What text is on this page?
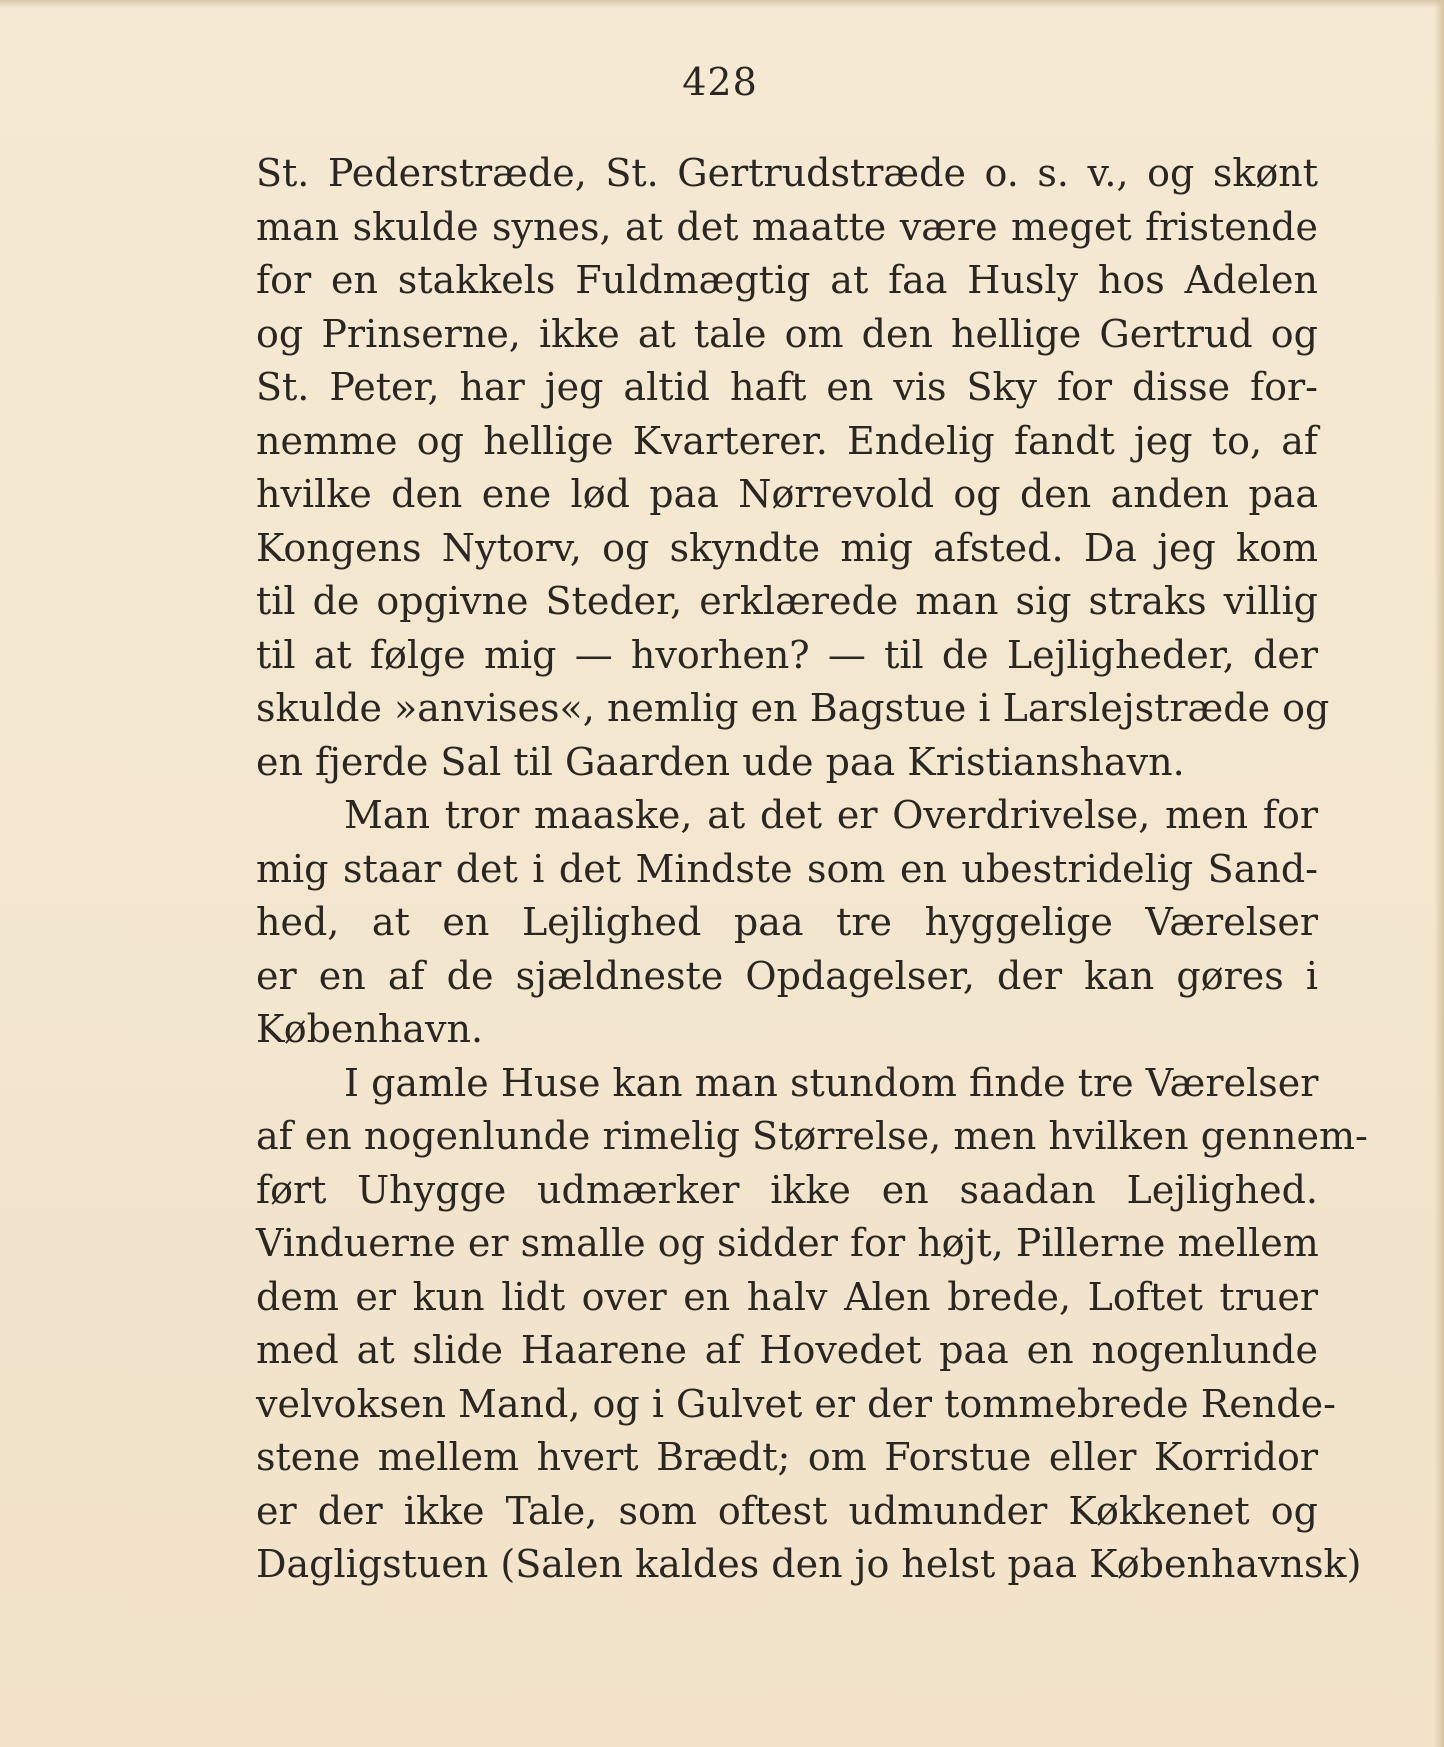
428
St. Pederstræde, St. Gertrudstræde o. s. v., og skønt
man skulde synes, at det maatte være meget fristende
for en stakkels Fuldmægtig at faa Husly hos Adelen
og Prinserne, ikke at tale om den hellige Gertrud og
St. Peter, har jeg altid haft en vis Sky for disse for-
nemme og hellige Kvarterer. Endelig fandt jeg to, af
hvilke den ene lød paa Nørrevold og den anden paa
Kongens Nytorv, og skyndte mig afsted. Da jeg kom
til de opgivne Steder, erklærede man sig straks villig
til at følge mig — hvorhen? — til de Lejligheder, der
skulde »anvises«, nemlig en Bagstue i Larslejstræde og
en fjerde Sal til Gaarden ude paa Kristianshavn.
Man tror maaske, at det er Overdrivelse, men for
mig staar det i det Mindste som en ubestridelig Sand-
hed, at en Lejlighed paa tre hyggelige Værelser
er en af de sjældneste Opdagelser, der kan gøres i
København.
I gamle Huse kan man stundom finde tre Værelser
af en nogenlunde rimelig Størrelse, men hvilken gennem-
ført Uhygge udmærker ikke en saadan Lejlighed.
Vinduerne er smalle og sidder for højt, Pillerne mellem
dem er kun lidt over en halv Alen brede, Loftet truer
med at slide Haarene af Hovedet paa en nogenlunde
velvoksen Mand, og i Gulvet er der tommebrede Rende-
stene mellem hvert Brædt; om Forstue eller Korridor
er der ikke Tale, som oftest udmunder Køkkenet og
Dagligstuen (Salen kaldes den jo helst paa Københavnsk)
